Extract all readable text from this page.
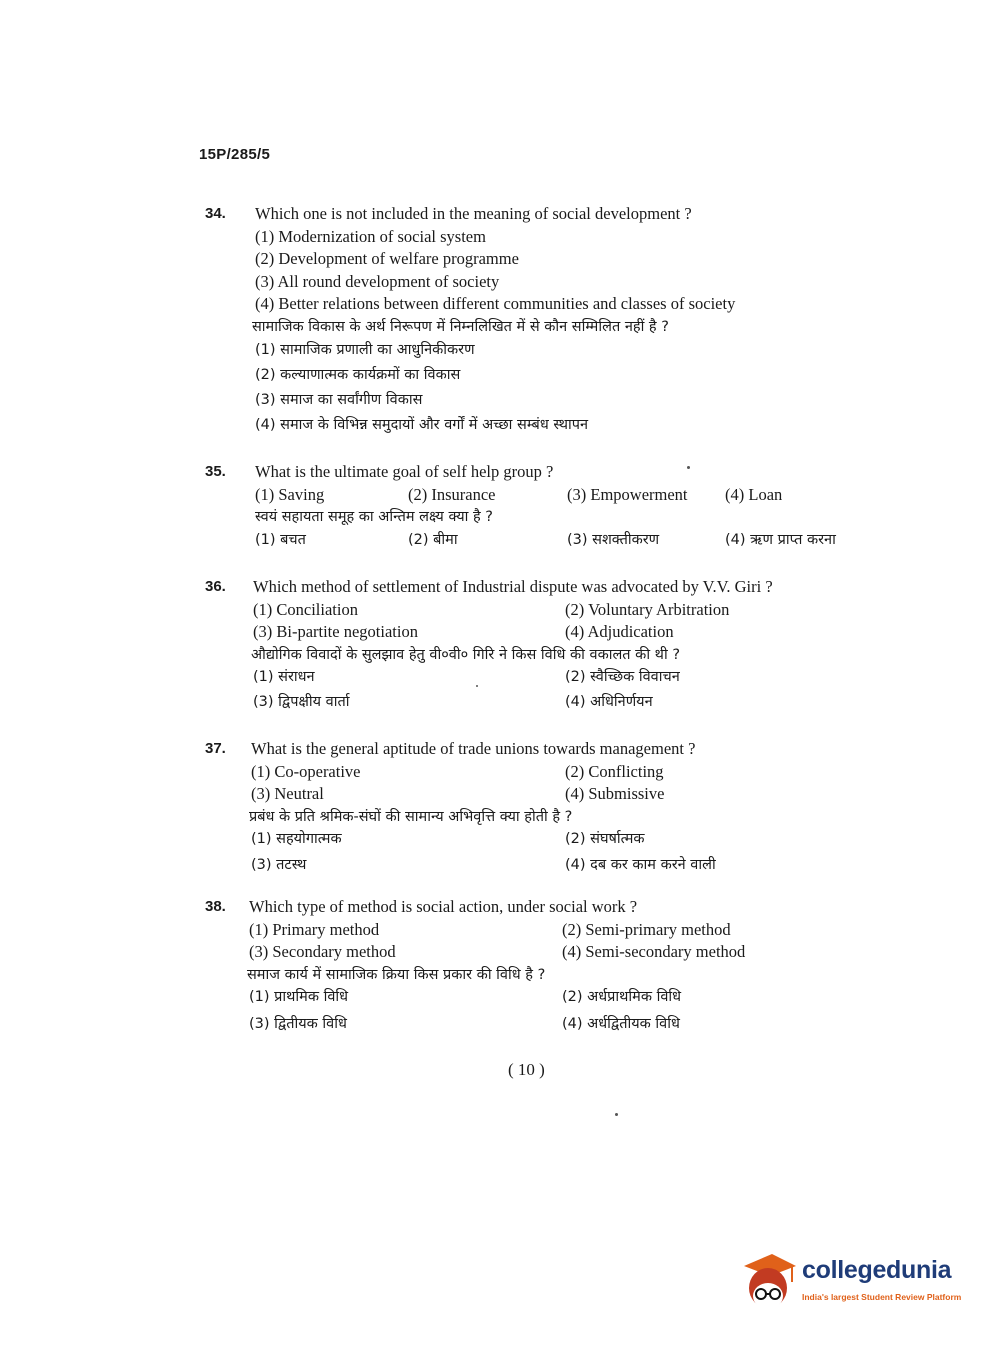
15P/285/5
34. Which one is not included in the meaning of social development ?
(1) Modernization of social system
(2) Development of welfare programme
(3) All round development of society
(4) Better relations between different communities and classes of society
सामाजिक विकास के अर्थ निरूपण में निम्नलिखित में से कौन सम्मिलित नहीं है ?
(1) सामाजिक प्रणाली का आधुनिकीकरण
(2) कल्याणात्मक कार्यक्रमों का विकास
(3) समाज का सर्वांगीण विकास
(4) समाज के विभिन्न समुदायों और वर्गों में अच्छा सम्बंध स्थापन
35. What is the ultimate goal of self help group ?
(1) Saving	(2) Insurance	(3) Empowerment (4) Loan
स्वयं सहायता समूह का अन्तिम लक्ष्य क्या है ?
(1) बचत	(2) बीमा	(3) सशक्तीकरण	(4) ऋण प्राप्त करना
36. Which method of settlement of Industrial dispute was advocated by V.V. Giri ?
(1) Conciliation	(2) Voluntary Arbitration
(3) Bi-partite negotiation	(4) Adjudication
औद्योगिक विवादों के सुलझाव हेतु वी०वी० गिरि ने किस विधि की वकालत की थी ?
(1) संराधन	(2) स्वैच्छिक विवाचन
(3) द्विपक्षीय वार्ता	(4) अधिनिर्णयन
37. What is the general aptitude of trade unions towards management ?
(1) Co-operative	(2) Conflicting
(3) Neutral	(4) Submissive
प्रबंध के प्रति श्रमिक-संघों की सामान्य अभिवृत्ति क्या होती है ?
(1) सहयोगात्मक	(2) संघर्षात्मक
(3) तटस्थ	(4) दब कर काम करने वाली
38. Which type of method is social action, under social work ?
(1) Primary method	(2) Semi-primary method
(3) Secondary method	(4) Semi-secondary method
समाज कार्य में सामाजिक क्रिया किस प्रकार की विधि है ?
(1) प्राथमिक विधि	(2) अर्धप्राथमिक विधि
(3) द्वितीयक विधि	(4) अर्धद्वितीयक विधि
( 10 )
collegedunia
India's largest Student Review Platform
